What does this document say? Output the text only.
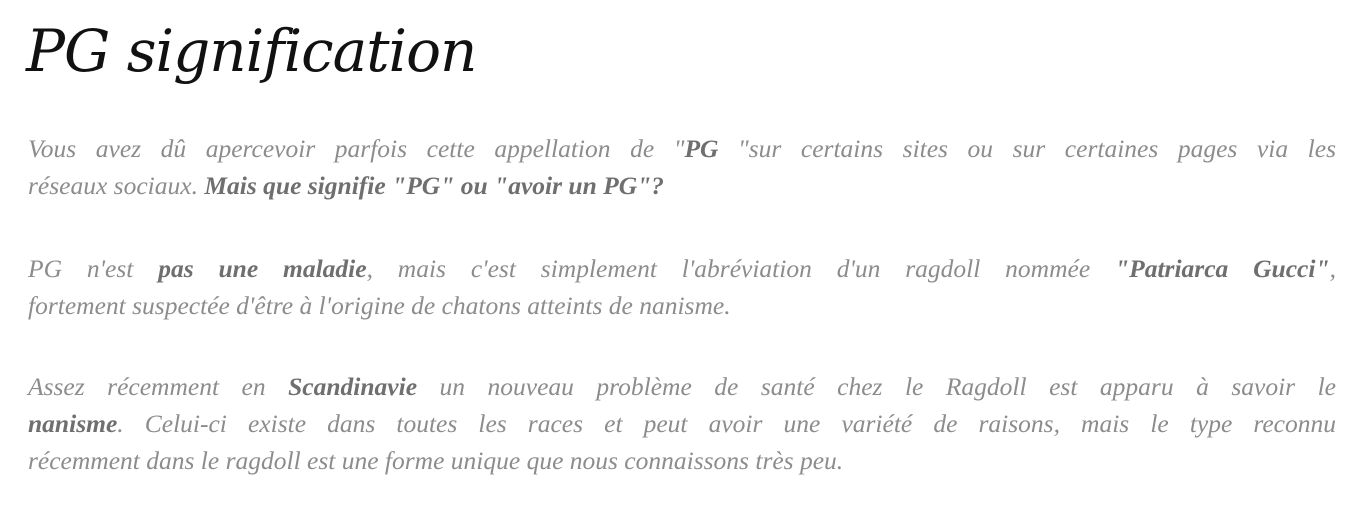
PG signification

Vous avez dû apercevoir parfois cette appellation de "PG "sur certains sites ou sur certaines pages via les
réseaux sociaux. Mais que signifie "PG" ou "avoir un PG"?

PG n'est pas une maladie, mais c'est simplement l'abréviation d'un ragdoll nommée "Patriarca Gucci",
fortement suspectée d'être à l'origine de chatons atteints de nanisme.

Assez récemment en Scandinavie un nouveau problème de santé chez le Ragdoll est apparu à savoir le
nanisme. Celui-ci existe dans toutes les races et peut avoir une variété de raisons, mais le type reconnu
récemment dans le ragdoll est une forme unique que nous connaissons très peu.
